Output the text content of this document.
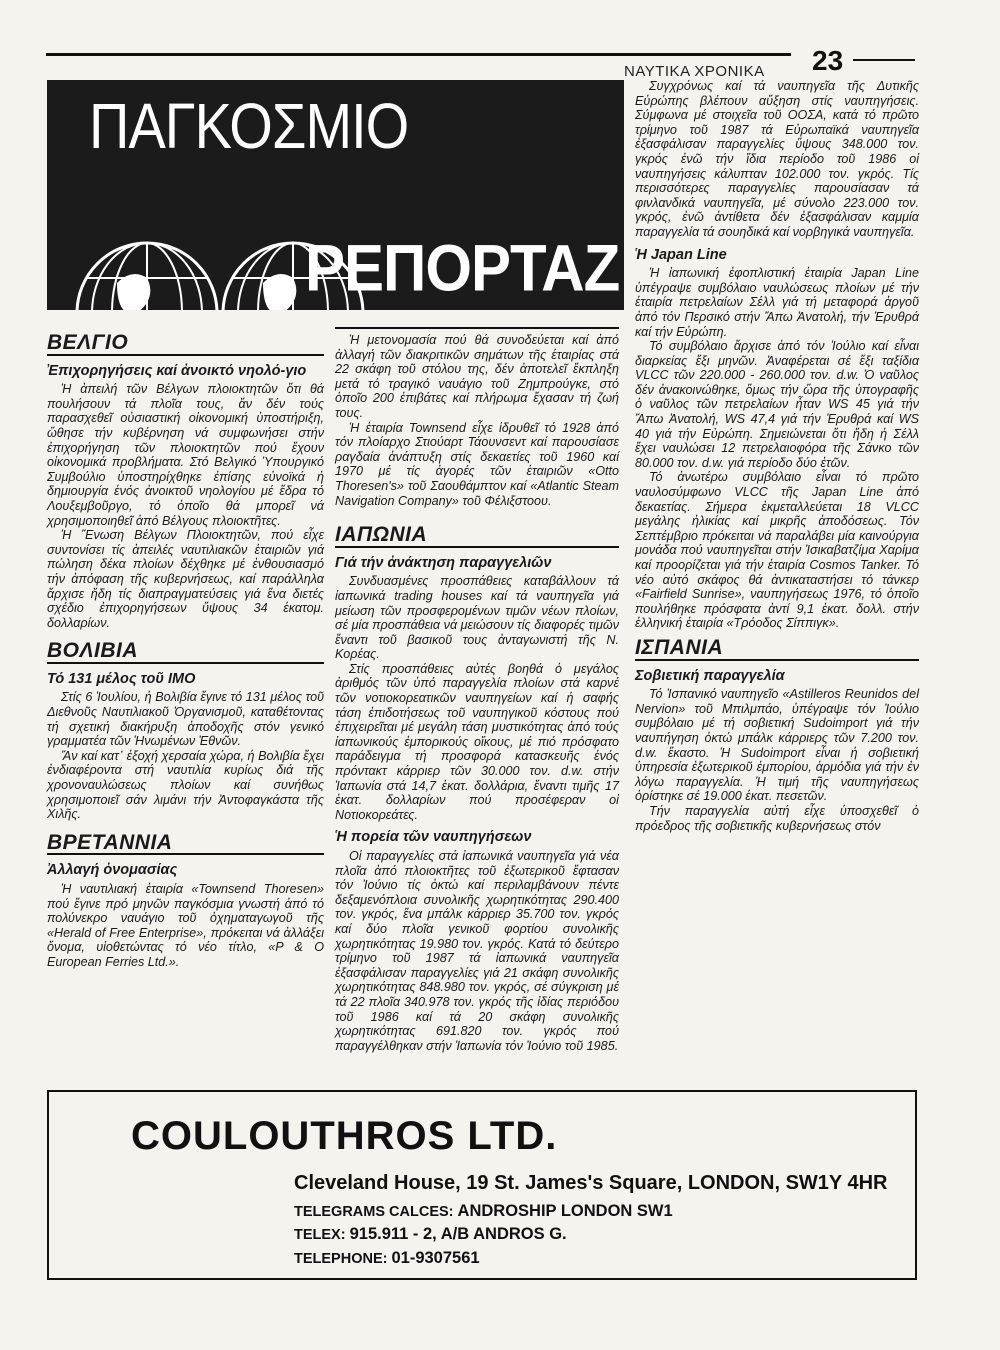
ΝΑΥΤΙΚΑ ΧΡΟΝΙΚΑ 23
ΠΑΓΚΟΣΜΙΟ
ΡΕΠΟΡΤΑΖ
ΒΕΛΓΙΟ
Ἐπιχορηγήσεις καί ἀνοικτό νηολό-γιο

Ἡ ἀπειλή τῶν Βέλγων πλοιοκτητῶν ὅτι θά πουλήσουν τά πλοῖα τους, ἄν δέν τούς παρασχεθεῖ οὐσιαστική οἰκονομική ὑποστήριξη, ὤθησε τήν κυβέρνηση νά συμφωνήσει στήν ἐπιχορήγηση τῶν πλοιοκτητῶν πού ἔχουν οἰκονομικά προβλήματα. Στό Βελγικό Ὑπουργικό Συμβούλιο ὑποστηρίχθηκε ἐπίσης εὐνοϊκά ἡ δημιουργία ἑνός ἀνοικτοῦ νηολογίου μέ ἕδρα τό Λουξεμβοῦργο, τό ὁποῖο θά μπορεῖ νά χρησιμοποιηθεῖ ἀπό Βέλγους πλοιοκτῆτες.

Ἡ Ἕνωση Βέλγων Πλοιοκτητῶν, πού εἶχε συντονίσει τίς ἀπειλές ναυτιλιακῶν ἑταιριῶν γιά πώληση δέκα πλοίων δέχθηκε μέ ἐνθουσιασμό τήν ἀπόφαση τῆς κυβερνήσεως, καί παράλληλα ἄρχισε ἤδη τίς διαπραγματεύσεις γιά ἕνα διετές σχέδιο ἐπιχορηγήσεων ὕψους 34 ἑκατομ. δολλαρίων.

ΒΟΛΙΒΙΑ
Τό 131 μέλος τοῦ ΙΜΟ

Στίς 6 Ἰουλίου, ἡ Βολιβία ἔγινε τό 131 μέλος τοῦ Διεθνοῦς Ναυτιλιακοῦ Ὀργανισμοῦ, καταθέτοντας τή σχετική διακήρυξη ἀποδοχῆς στόν γενικό γραμματέα τῶν Ἡνωμένων Ἐθνῶν.

Ἄν καί κατ᾽ ἐξοχή χερσαία χώρα, ἡ Βολιβία ἔχει ἐνδιαφέροντα στή ναυτιλία κυρίως διά τῆς χρονοναυλώσεως πλοίων καί συνήθως χρησιμοποιεῖ σάν λιμάνι τήν Ἀντοφαγκάστα τῆς Χιλῆς.

ΒΡΕΤΑΝΝΙΑ
Ἀλλαγή ὀνομασίας

Ἡ ναυτιλιακή ἑταιρία «Townsend Thoresen» πού ἔγινε πρό μηνῶν παγκόσμια γνωστή ἀπό τό πολύνεκρο ναυάγιο τοῦ ὀχηματαγωγοῦ τῆς «Herald of Free Enterprise», πρόκειται νά ἀλλάξει ὄνομα, υἱοθετώντας τό νέο τίτλο, «P & O European Ferries Ltd.».

Ἡ μετονομασία πού θά συνοδεύεται καί ἀπό ἀλλαγή τῶν διακριτικῶν σημάτων τῆς ἑταιρίας στά 22 σκάφη τοῦ στόλου της, δέν ἀποτελεῖ ἔκπληξη μετά τό τραγικό ναυάγιο τοῦ Ζημπρούγκε, στό ὁποῖο 200 ἐπιβάτες καί πλήρωμα ἔχασαν τή ζωή τους.

Ἡ ἑταιρία Townsend εἶχε ἱδρυθεῖ τό 1928 ἀπό τόν πλοίαρχο Στιούαρτ Τάουνσεντ καί παρουσίασε ραγδαία ἀνάπτυξη στίς δεκαετίες τοῦ 1960 καί 1970 μέ τίς ἀγορές τῶν ἑταιριῶν «Otto Thoresen's» τοῦ Σαουθάμπτον καί «Atlantic Steam Navigation Company» τοῦ Φέλιξστοου.

ΙΑΠΩΝΙΑ
Γιά τήν ἀνάκτηση παραγγελιῶν

Συνδυασμένες προσπάθειες καταβάλλουν τά ἰαπωνικά trading houses καί τά ναυπηγεῖα γιά μείωση τῶν προσφερομένων τιμῶν νέων πλοίων, σέ μία προσπάθεια νά μειώσουν τίς διαφορές τιμῶν ἔναντι τοῦ βασικοῦ τους ἀνταγωνιστή τῆς Ν. Κορέας.

Στίς προσπάθειες αὐτές βοηθά ὁ μεγάλος ἀριθμός τῶν ὑπό παραγγελία πλοίων στά καρνέ τῶν νοτιοκορεατικῶν ναυπηγείων καί ἡ σαφής τάση ἐπιδοτήσεως τοῦ ναυπηγικοῦ κόστους πού ἐπιχειρεῖται μέ μεγάλη τάση μυστικότητας ἀπό τούς ἰαπωνικούς ἐμπορικούς οἴκους, μέ πιό πρόσφατο παράδειγμα τή προσφορά κατασκευῆς ἑνός πρόντακτ κάρριερ τῶν 30.000 τον. d.w. στήν Ἰαπωνία στά 14,7 ἑκατ. δολλάρια, ἔναντι τιμῆς 17 ἑκατ. δολλαρίων πού προσέφεραν οἱ Νοτιοκορεάτες.

Ἡ πορεία τῶν ναυπηγήσεων

Οἱ παραγγελίες στά ἰαπωνικά ναυπηγεῖα γιά νέα πλοῖα ἀπό πλοιοκτῆτες τοῦ ἐξωτερικοῦ ἔφτασαν τόν Ἰούνιο τίς ὀκτώ καί περιλαμβάνουν πέντε δεξαμενόπλοια συνολικῆς χωρητικότητας 290.400 τον. γκρός, ἕνα μπάλκ κάρριερ 35.700 τον. γκρός καί δύο πλοῖα γενικοῦ φορτίου συνολικῆς χωρητικότητας 19.980 τον. γκρός. Κατά τό δεύτερο τρίμηνο τοῦ 1987 τά ἰαπωνικά ναυπηγεῖα ἐξασφάλισαν παραγγελίες γιά 21 σκάφη συνολικῆς χωρητικότητας 848.980 τον. γκρός, σέ σύγκριση μέ τά 22 πλοῖα 340.978 τον. γκρός τῆς ἰδίας περιόδου τοῦ 1986 καί τά 20 σκάφη συνολικῆς χωρητικότητας 691.820 τον. γκρός πού παραγγέλθηκαν στήν Ἰαπωνία τόν Ἰούνιο τοῦ 1985.

Συγχρόνως καί τά ναυπηγεῖα τῆς Δυτικῆς Εὐρώπης βλέπουν αὔξηση στίς ναυπηγήσεις. Σύμφωνα μέ στοιχεῖα τοῦ ΟΟΣΑ, κατά τό πρῶτο τρίμηνο τοῦ 1987 τά Εὐρωπαϊκά ναυπηγεῖα ἐξασφάλισαν παραγγελίες ὕψους 348.000 τον. γκρός ἐνῶ τήν ἴδια περίοδο τοῦ 1986 οἱ ναυπηγήσεις κάλυπταν 102.000 τον. γκρός. Τίς περισσότερες παραγγελίες παρουσίασαν τά φινλανδικά ναυπηγεῖα, μέ σύνολο 223.000 τον. γκρός, ἐνῶ ἀντίθετα δέν ἐξασφάλισαν καμμία παραγγελία τά σουηδικά καί νορβηγικά ναυπηγεῖα.

Ἡ Japan Line

Ἡ ἰαπωνική ἐφοπλιστική ἑταιρία Japan Line ὑπέγραψε συμβόλαιο ναυλώσεως πλοίων μέ τήν ἑταιρία πετρελαίων Σέλλ γιά τή μεταφορά ἀργοῦ ἀπό τόν Περσικό στήν Ἄπω Ἀνατολή, τήν Ἐρυθρά καί τήν Εὐρώπη.

Τό συμβόλαιο ἄρχισε ἀπό τόν Ἰούλιο καί εἶναι διαρκείας ἕξι μηνῶν. Ἀναφέρεται σέ ἕξι ταξίδια VLCC τῶν 220.000 - 260.000 τον. d.w. Ὁ ναῦλος δέν ἀνακοινώθηκε, ὅμως τήν ὥρα τῆς ὑπογραφῆς ὁ ναῦλος τῶν πετρελαίων ἦταν WS 45 γιά τήν Ἄπω Ἀνατολή, WS 47,4 γιά τήν Ἐρυθρά καί WS 40 γιά τήν Εὐρώπη. Σημειώνεται ὅτι ἤδη ἡ Σέλλ ἔχει ναυλώσει 12 πετρελαιοφόρα τῆς Σάνκο τῶν 80.000 τον. d.w. γιά περίοδο δύο ἐτῶν.

Τό ἀνωτέρω συμβόλαιο εἶναι τό πρῶτο ναυλοσύμφωνο VLCC τῆς Japan Line ἀπό δεκαετίας. Σήμερα ἐκμεταλλεύεται 18 VLCC μεγάλης ἡλικίας καί μικρῆς ἀποδόσεως. Τόν Σεπτέμβριο πρόκειται νά παραλάβει μία καινούργια μονάδα πού ναυπηγεῖται στήν Ἰσικαβατζίμα Χαρίμα καί προορίζεται γιά τήν ἑταιρία Cosmos Tanker. Τό νέο αὐτό σκάφος θά ἀντικαταστήσει τό τάνκερ «Fairfield Sunrise», ναυπηγήσεως 1976, τό ὁποῖο πουλήθηκε πρόσφατα ἀντί 9,1 ἑκατ. δολλ. στήν ἑλληνική ἑταιρία «Τρόοδος Σίππιγκ».

ΙΣΠΑΝΙΑ
Σοβιετική παραγγελία

Τό Ἰσπανικό ναυπηγεῖο «Astilleros Reunidos del Nervion» τοῦ Μπιλμπάο, ὑπέγραψε τόν Ἰούλιο συμβόλαιο μέ τή σοβιετική Sudoimport γιά τήν ναυπήγηση ὀκτώ μπάλκ κάρριερς τῶν 7.200 τον. d.w. ἕκαστο. Ἡ Sudoimport εἶναι ἡ σοβιετική ὑπηρεσία ἐξωτερικοῦ ἐμπορίου, ἁρμόδια γιά τήν ἐν λόγω παραγγελία. Ἡ τιμή τῆς ναυπηγήσεως ὁρίστηκε σέ 19.000 ἑκατ. πεσετῶν.

Τήν παραγγελία αὐτή εἶχε ὑποσχεθεῖ ὁ πρόεδρος τῆς σοβιετικῆς κυβερνήσεως στόν

COULOUTHROS LTD.
Cleveland House, 19 St. James's Square, LONDON, SW1Y 4HR
TELEGRAMS CALCES: ANDROSHIP LONDON SW1
TELEX: 915.911 - 2, A/B ANDROS G.
TELEPHONE: 01-9307561
